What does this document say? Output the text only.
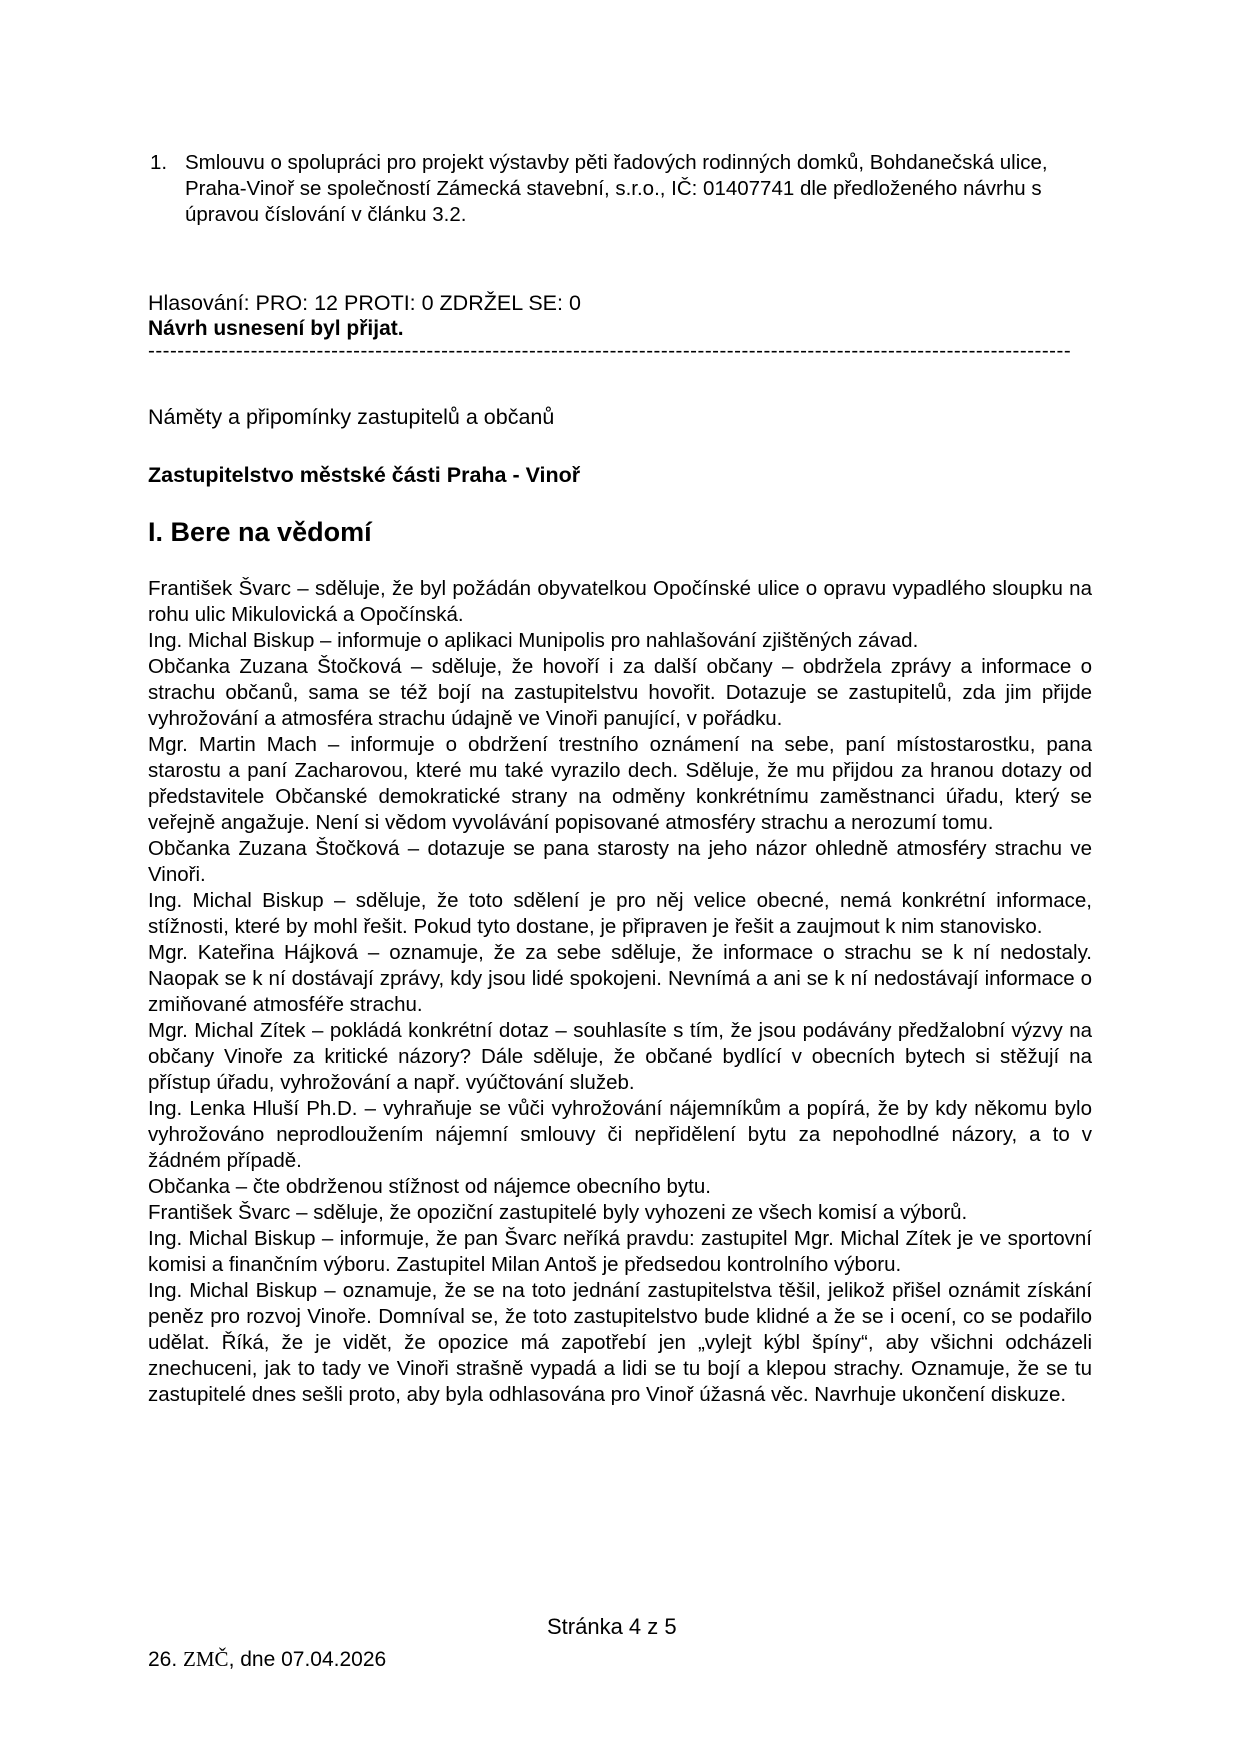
1. Smlouvu o spolupráci pro projekt výstavby pěti řadových rodinných domků, Bohdanečská ulice, Praha-Vinoř se společností Zámecká stavební, s.r.o., IČ: 01407741 dle předloženého návrhu s úpravou číslování v článku 3.2.
Hlasování: PRO: 12 PROTI: 0 ZDRŽEL SE: 0
Návrh usnesení byl přijat.
------------------------------------------------------------------------------------------------------------------------------
Náměty a připomínky zastupitelů a občanů
Zastupitelstvo městské části Praha - Vinoř
I. Bere na vědomí

František Švarc – sděluje, že byl požádán obyvatelkou Opočínské ulice o opravu vypadlého sloupku na rohu ulic Mikulovická a Opočínská.

Ing. Michal Biskup – informuje o aplikaci Munipolis pro nahlašování zjištěných závad.

Občanka Zuzana Štočková – sděluje, že hovoří i za další občany – obdržela zprávy a informace o strachu občanů, sama se též bojí na zastupitelstvu hovořit. Dotazuje se zastupitelů, zda jim přijde vyhrožování a atmosféra strachu údajně ve Vinoři panující, v pořádku.

Mgr. Martin Mach – informuje o obdržení trestního oznámení na sebe, paní místostarostku, pana starostu a paní Zacharovou, které mu také vyrazilo dech. Sděluje, že mu přijdou za hranou dotazy od představitele Občanské demokratické strany na odměny konkrétnímu zaměstnanci úřadu, který se veřejně angažuje. Není si vědom vyvolávání popisované atmosféry strachu a nerozumí tomu.

Občanka Zuzana Štočková – dotazuje se pana starosty na jeho názor ohledně atmosféry strachu ve Vinoři.

Ing. Michal Biskup – sděluje, že toto sdělení je pro něj velice obecné, nemá konkrétní informace, stížnosti, které by mohl řešit. Pokud tyto dostane, je připraven je řešit a zaujmout k nim stanovisko.

Mgr. Kateřina Hájková – oznamuje, že za sebe sděluje, že informace o strachu se k ní nedostaly. Naopak se k ní dostávají zprávy, kdy jsou lidé spokojeni. Nevnímá a ani se k ní nedostávají informace o zmiňované atmosféře strachu.

Mgr. Michal Zítek – pokládá konkrétní dotaz – souhlasíte s tím, že jsou podávány předžalobní výzvy na občany Vinoře za kritické názory? Dále sděluje, že občané bydlící v obecních bytech si stěžují na přístup úřadu, vyhrožování a např. vyúčtování služeb.

Ing. Lenka Hluší Ph.D. – vyhraňuje se vůči vyhrožování nájemníkům a popírá, že by kdy někomu bylo vyhrožováno neprodloužením nájemní smlouvy či nepřidělení bytu za nepohodlné názory, a to v žádném případě.

Občanka – čte obdrženou stížnost od nájemce obecního bytu.

František Švarc – sděluje, že opoziční zastupitelé byly vyhozeni ze všech komisí a výborů.

Ing. Michal Biskup – informuje, že pan Švarc neříká pravdu: zastupitel Mgr. Michal Zítek je ve sportovní komisi a finančním výboru. Zastupitel Milan Antoš je předsedou kontrolního výboru.

Ing. Michal Biskup – oznamuje, že se na toto jednání zastupitelstva těšil, jelikož přišel oznámit získání peněz pro rozvoj Vinoře. Domníval se, že toto zastupitelstvo bude klidné a že se i ocení, co se podařilo udělat. Říká, že je vidět, že opozice má zapotřebí jen „vylejt kýbl špíny“, aby všichni odcházeli znechuceni, jak to tady ve Vinoři strašně vypadá a lidi se tu bojí a klepou strachy. Oznamuje, že se tu zastupitelé dnes sešli proto, aby byla odhlasována pro Vinoř úžasná věc. Navrhuje ukončení diskuze.

Stránka 4 z 5
26. ZMČ, dne 07.04.2026
